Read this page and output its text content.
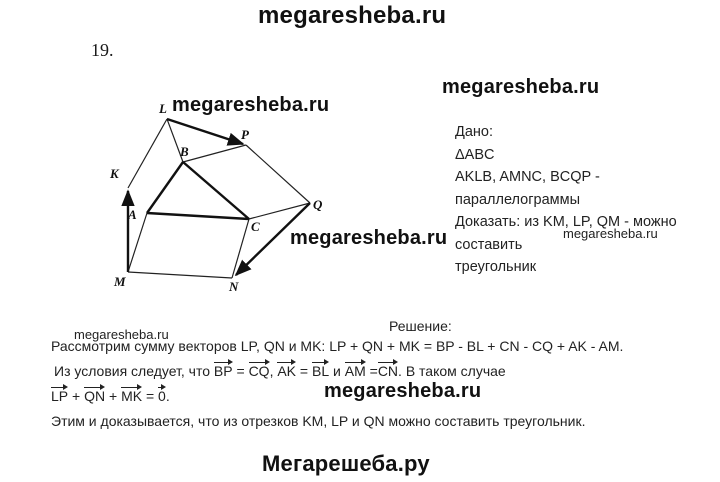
megaresheba.ru
megaresheba.ru
megaresheba.ru	megaresheba.ru
megaresheba.ru
megaresheba.ru
Мегарешеба.ру
19.
L
P
B
K
A
C
Q
M	N
megaresheba.ru
Дано:
ΔABC
AKLB, AMNC, BCQP -
параллелограммы
Доказать: из KM, LP, QM - можно
составить
треугольник
Решение:
Рассмотрим сумму векторов LP, QN и MK: LP + QN + MK = BP - BL + CN - CQ + AK - AM.
Из условия следует, что BP = CQ, AK = BL и AM =CN. В таком случае
LP + QN + MK = 0.
Этим и доказывается, что из отрезков KM, LP и QN можно составить треугольник.
